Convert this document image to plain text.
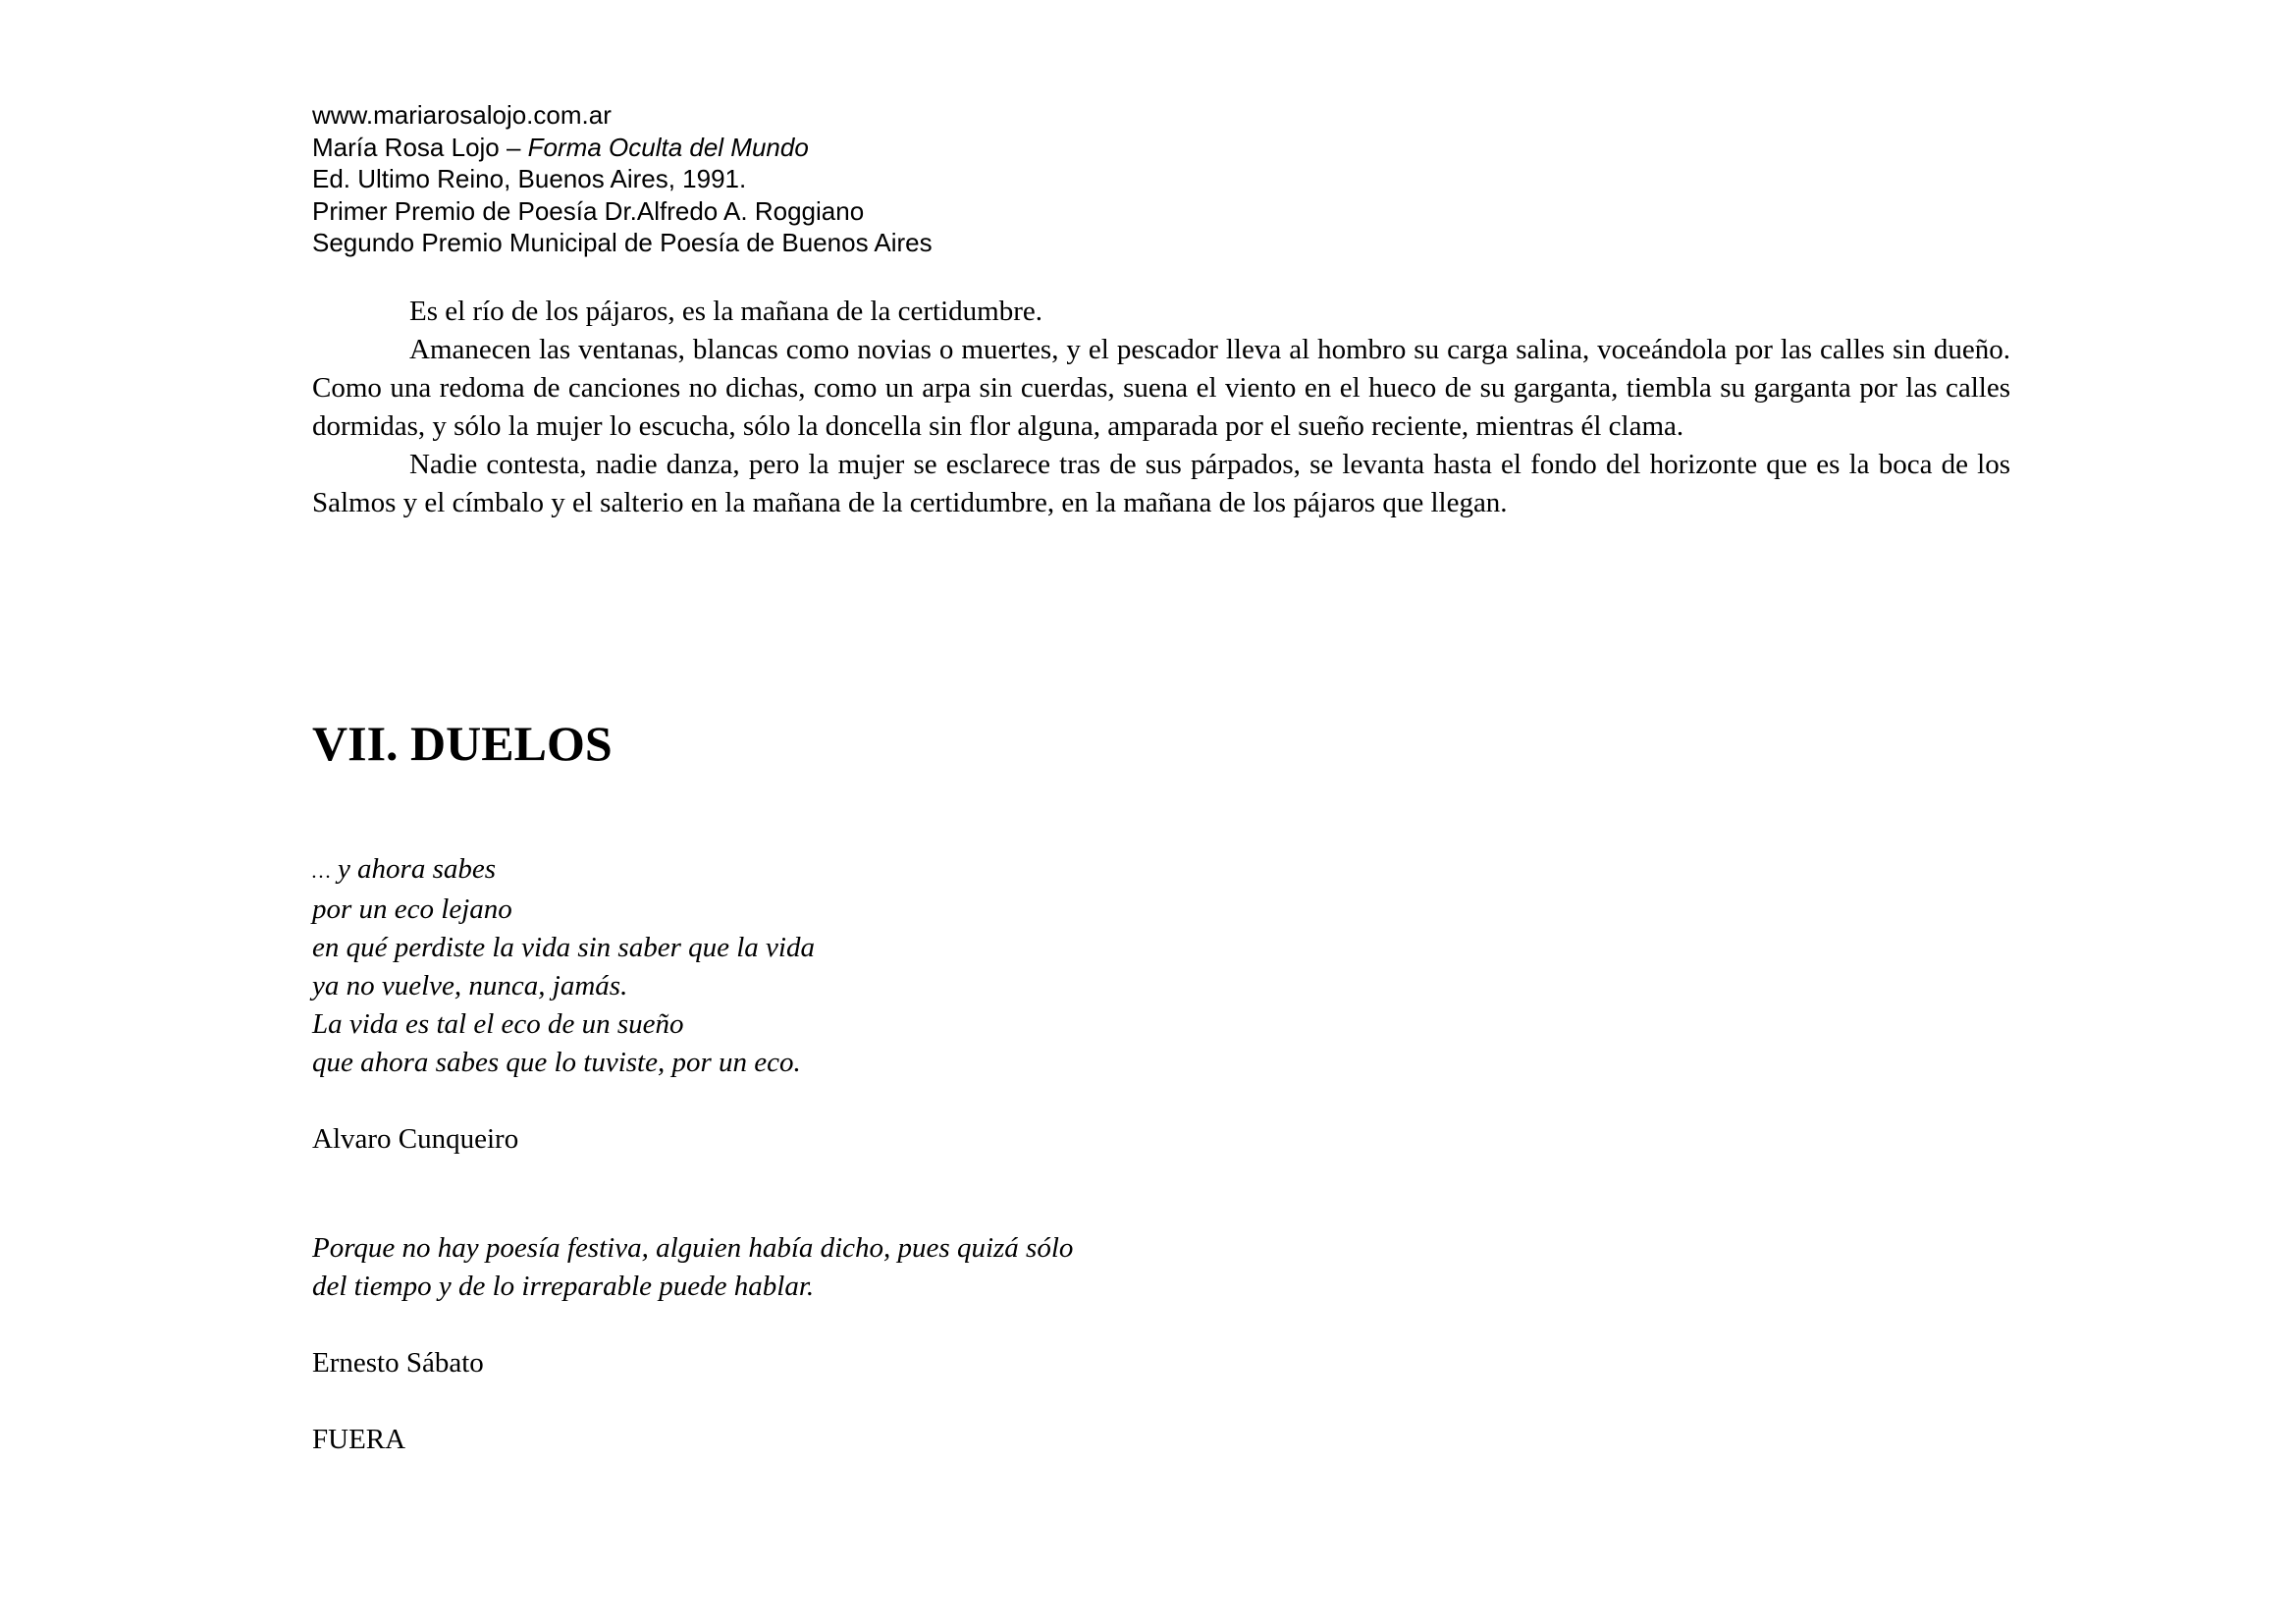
www.mariarosalojo.com.ar
María Rosa Lojo – Forma Oculta del Mundo
Ed. Ultimo Reino, Buenos Aires, 1991.
Primer Premio de Poesía Dr.Alfredo A. Roggiano
Segundo Premio Municipal de Poesía de Buenos Aires

Es el río de los pájaros, es la mañana de la certidumbre.

Amanecen las ventanas, blancas como novias o muertes, y el pescador lleva al hombro su carga salina, voceándola por las calles sin dueño. Como una redoma de canciones no dichas, como un arpa sin cuerdas, suena el viento en el hueco de su garganta, tiembla su garganta por las calles dormidas, y sólo la mujer lo escucha, sólo la doncella sin flor alguna, amparada por el sueño reciente, mientras él clama.

Nadie contesta, nadie danza, pero la mujer se esclarece tras de sus párpados, se levanta hasta el fondo del horizonte que es la boca de los Salmos y el címbalo y el salterio en la mañana de la certidumbre, en la mañana de los pájaros que llegan.

VII. DUELOS
… y ahora sabes
por un eco lejano
en qué perdiste la vida sin saber que la vida
ya no vuelve, nunca, jamás.
La vida es tal el eco de un sueño
que ahora sabes que lo tuviste, por un eco.
Alvaro Cunqueiro
Porque no hay poesía festiva, alguien había dicho, pues quizá sólo
del tiempo y de lo irreparable puede hablar.
Ernesto Sábato
FUERA
